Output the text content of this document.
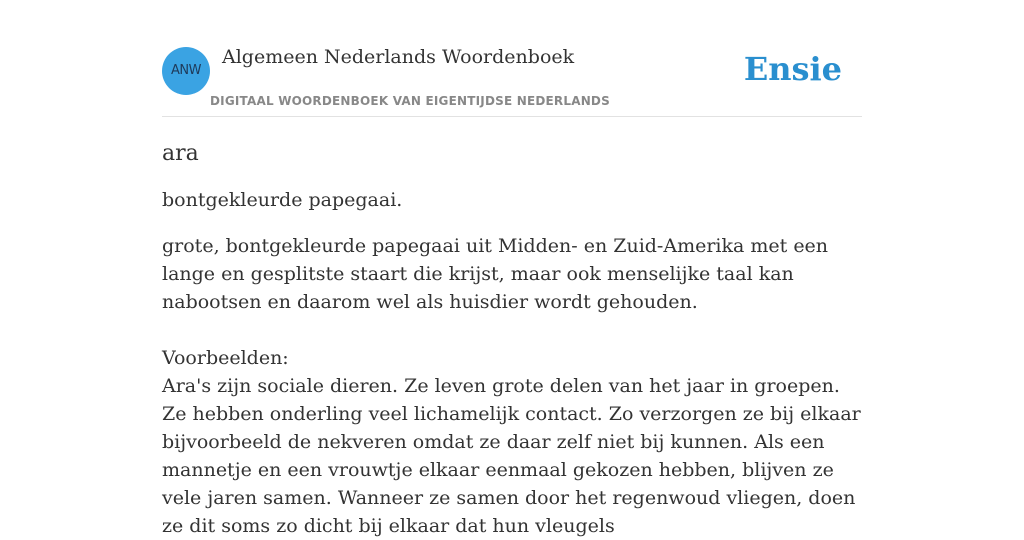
ANW
Algemeen Nederlands Woordenboek
DIGITAAL WOORDENBOEK VAN EIGENTIJDSE NEDERLANDS
Ensie
ara

bontgekleurde papegaai.

grote, bontgekleurde papegaai uit Midden- en Zuid-Amerika met een lange en gesplitste staart die krijst, maar ook menselijke taal kan nabootsen en daarom wel als huisdier wordt gehouden.

Voorbeelden:

Ara's zijn sociale dieren. Ze leven grote delen van het jaar in groepen. Ze hebben onderling veel lichamelijk contact. Zo verzorgen ze bij elkaar bijvoorbeeld de nekveren omdat ze daar zelf niet bij kunnen. Als een mannetje en een vrouwtje elkaar eenmaal gekozen hebben, blijven ze vele jaren samen. Wanneer ze samen door het regenwoud vliegen, doen ze dit soms zo dicht bij elkaar dat hun vleugels
